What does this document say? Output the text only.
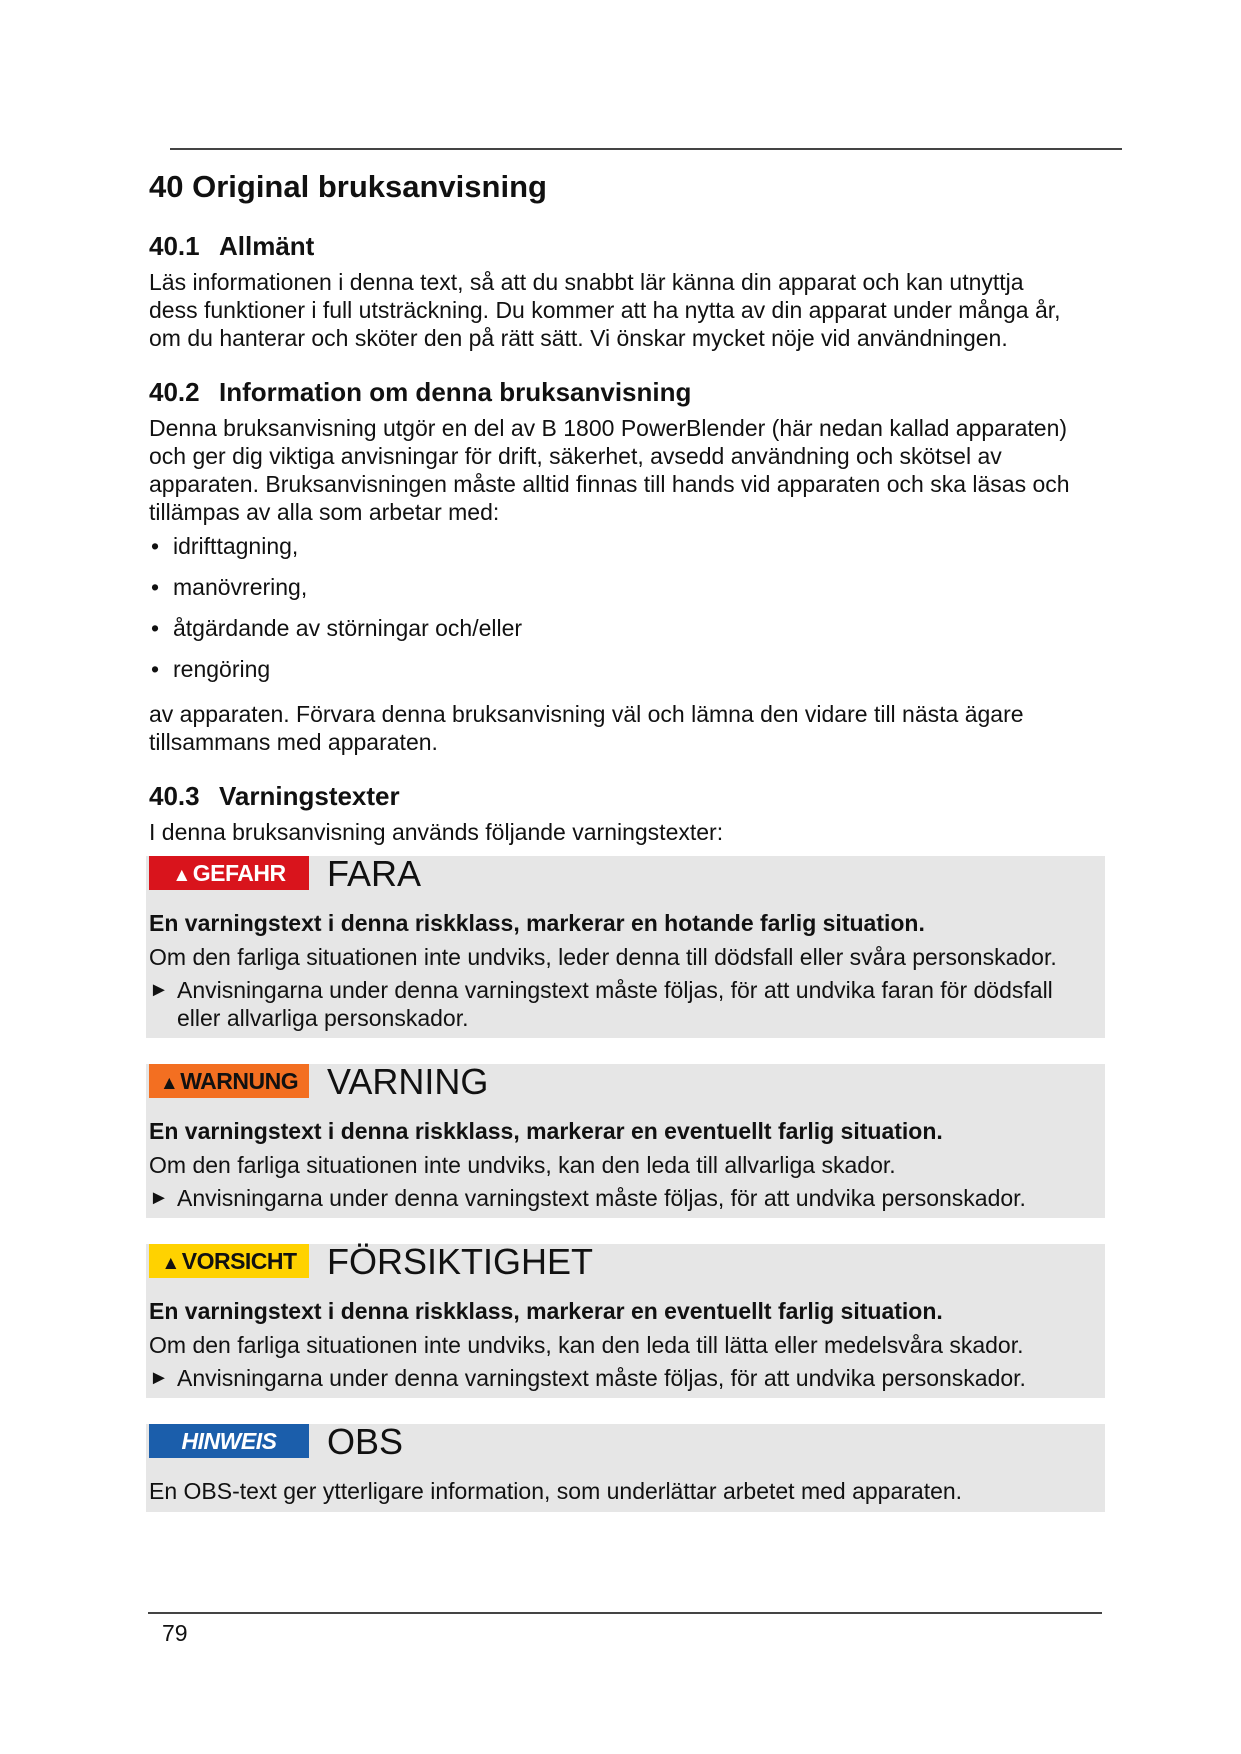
40 Original bruksanvisning
40.1 Allmänt

Läs informationen i denna text, så att du snabbt lär känna din apparat och kan utnyttja

dess funktioner i full utsträckning. Du kommer att ha nytta av din apparat under många år,

om du hanterar och sköter den på rätt sätt. Vi önskar mycket nöje vid användningen.

40.2 Information om denna bruksanvisning

Denna bruksanvisning utgör en del av B 1800 PowerBlender (här nedan kallad apparaten)

och ger dig viktiga anvisningar för drift, säkerhet, avsedd användning och skötsel av

apparaten. Bruksanvisningen måste alltid finnas till hands vid apparaten och ska läsas och

tillämpas av alla som arbetar med:

• idrifttagning,
• manövrering,
• åtgärdande av störningar och/eller
• rengöring

av apparaten. Förvara denna bruksanvisning väl och lämna den vidare till nästa ägare

tillsammans med apparaten.

40.3 Varningstexter

I denna bruksanvisning används följande varningstexter:

▲GEFAHR	FARA

En varningstext i denna riskklass, markerar en hotande farlig situation.

Om den farliga situationen inte undviks, leder denna till dödsfall eller svåra personskador.

► Anvisningarna under denna varningstext måste följas, för att undvika faran för dödsfall
eller allvarliga personskador.
▲WARNUNG VARNING

En varningstext i denna riskklass, markerar en eventuellt farlig situation.

Om den farliga situationen inte undviks, kan den leda till allvarliga skador.

► Anvisningarna under denna varningstext måste följas, för att undvika personskador.
▲VORSICHT FÖRSIKTIGHET

En varningstext i denna riskklass, markerar en eventuellt farlig situation.

Om den farliga situationen inte undviks, kan den leda till lätta eller medelsvåra skador.

► Anvisningarna under denna varningstext måste följas, för att undvika personskador.
HINWEIS	OBS

En OBS-text ger ytterligare information, som underlättar arbetet med apparaten.

79
